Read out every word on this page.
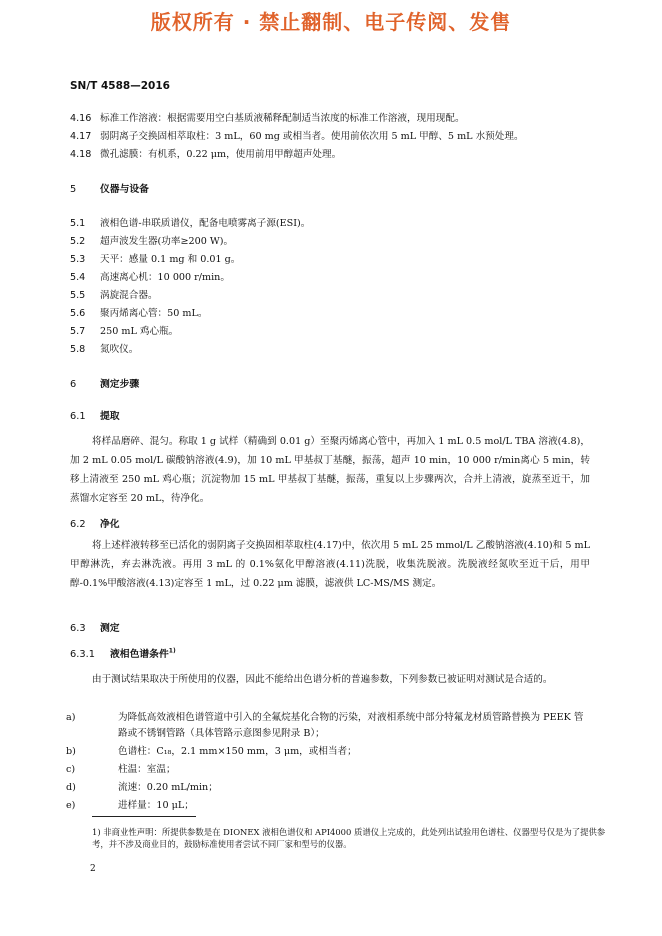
版权所有 · 禁止翻制、电子传阅、发售
SN/T 4588—2016
4.16 标准工作溶液：根据需要用空白基质液稀释配制适当浓度的标准工作溶液，现用现配。
4.17 弱阴离子交换固相萃取柱：3 mL，60 mg 或相当者。使用前依次用 5 mL 甲醇、5 mL 水预处理。
4.18 微孔滤膜：有机系，0.22 μm，使用前用甲醇超声处理。
5 仪器与设备
5.1 液相色谱-串联质谱仪，配备电喷雾离子源(ESI)。
5.2 超声波发生器(功率≥200 W)。
5.3 天平：感量 0.1 mg 和 0.01 g。
5.4 高速离心机：10 000 r/min。
5.5 涡旋混合器。
5.6 聚丙烯离心管：50 mL。
5.7 250 mL 鸡心瓶。
5.8 氮吹仪。
6 测定步骤
6.1 提取
将样品磨碎、混匀。称取 1 g 试样（精确到 0.01 g）至聚丙烯离心管中，再加入 1 mL 0.5 mol/L TBA 溶液(4.8)，加 2 mL 0.05 mol/L 碳酸钠溶液(4.9)，加 10 mL 甲基叔丁基醚，振荡，超声 10 min，10 000 r/min离心 5 min，转移上清液至 250 mL 鸡心瓶；沉淀物加 15 mL 甲基叔丁基醚，振荡，重复以上步骤两次，合并上清液，旋蒸至近干，加蒸馏水定容至 20 mL，待净化。
6.2 净化
将上述样液转移至已活化的弱阴离子交换固相萃取柱(4.17)中，依次用 5 mL 25 mmol/L 乙酸钠溶液(4.10)和 5 mL 甲醇淋洗，弃去淋洗液。再用 3 mL 的 0.1%氨化甲醇溶液(4.11)洗脱，收集洗脱液。洗脱液经氮吹至近干后，用甲醇-0.1%甲酸溶液(4.13)定容至 1 mL，过 0.22 μm 滤膜，滤液供 LC-MS/MS 测定。
6.3 测定
6.3.1 液相色谱条件$^{1)}$
由于测试结果取决于所使用的仪器，因此不能给出色谱分析的普遍参数，下列参数已被证明对测试是合适的。
a)	为降低高效液相色谱管道中引入的全氟烷基化合物的污染，对液相系统中部分特氟龙材质管路替换为 PEEK 管路或不锈钢管路（具体管路示意图参见附录 B）；
b)	色谱柱：C₁₈，2.1 mm×150 mm，3 μm，或相当者；
c)	柱温：室温；
d)	流速：0.20 mL/min；
e)	进样量：10 μL；
1) 非商业性声明：所提供参数是在 DIONEX 液相色谱仪和 API4000 质谱仪上完成的，此处列出试验用色谱柱、仪器型号仅是为了提供参考，并不涉及商业目的，鼓励标准使用者尝试不同厂家和型号的仪器。
2
